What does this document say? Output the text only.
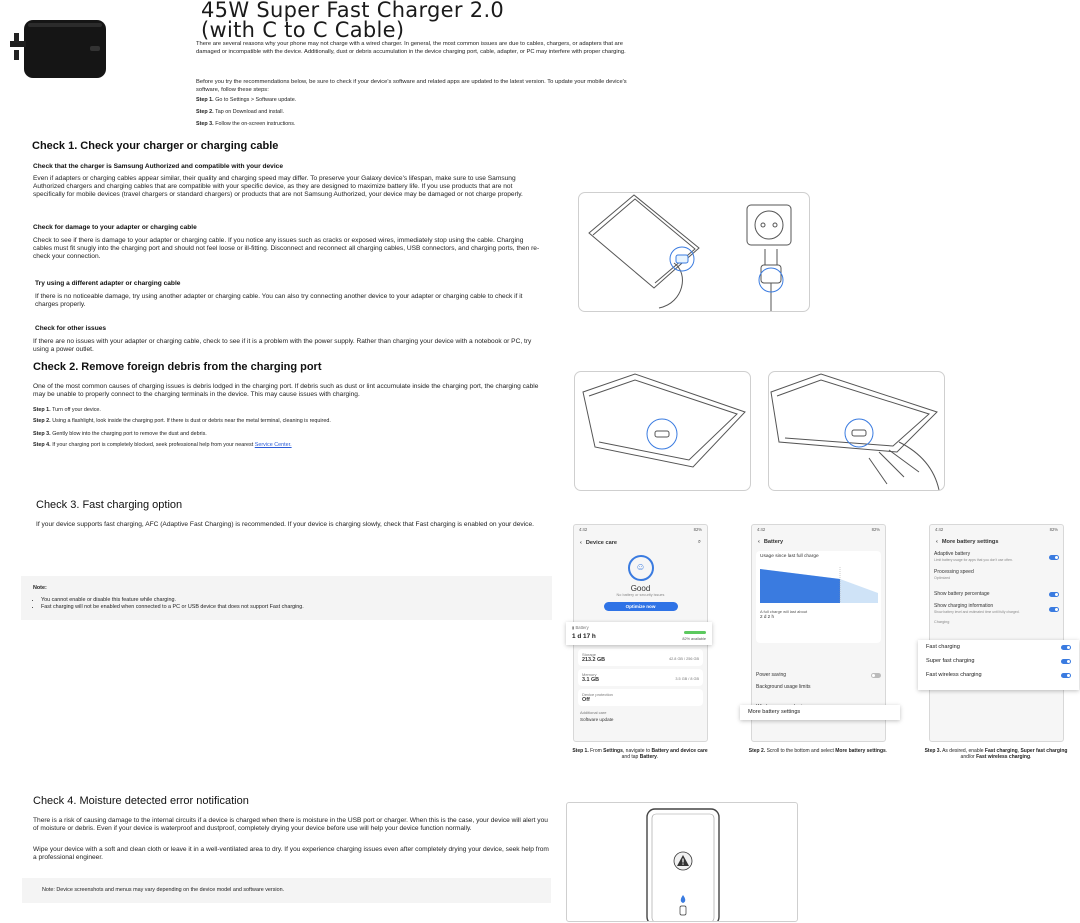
45W Super Fast Charger 2.0
(with C to C Cable)

There are several reasons why your phone may not charge with a wired charger. In general, the most common issues are due to cables, chargers, or adapters that are damaged or incompatible with the device. Additionally, dust or debris accumulation in the device charging port, cable, adapter, or PC may interfere with proper charging.

Before you try the recommendations below, be sure to check if your device's software and related apps are updated to the latest version. To update your mobile device's software, follow these steps:

Step 1. Go to Settings > Software update.
Step 2. Tap on Download and install.
Step 3. Follow the on-screen instructions.
Check 1. Check your charger or charging cable
Check that the charger is Samsung Authorized and compatible with your device

Even if adapters or charging cables appear similar, their quality and charging speed may differ. To preserve your Galaxy device's lifespan, make sure to use Samsung Authorized chargers and charging cables that are compatible with your specific device, as they are designed to maximize battery life. If you use products that are not specifically for mobile devices (travel chargers or standard chargers) or products that are not Samsung Authorized, your device may be damaged or not charge properly.

Check for damage to your adapter or charging cable

Check to see if there is damage to your adapter or charging cable. If you notice any issues such as cracks or exposed wires, immediately stop using the cable. Charging cables must fit snugly into the charging port and should not feel loose or ill-fitting. Disconnect and reconnect all charging cables, USB connectors, and charging ports, then re-check your connection.

Try using a different adapter or charging cable

If there is no noticeable damage, try using another adapter or charging cable. You can also try connecting another device to your adapter or charging cable to check if it charges properly.

Check for other issues

If there are no issues with your adapter or charging cable, check to see if it is a problem with the power supply. Rather than charging your device with a notebook or PC, try using a power outlet.

Check 2. Remove foreign debris from the charging port

One of the most common causes of charging issues is debris lodged in the charging port. If debris such as dust or lint accumulate inside the charging port, the charging cable may be unable to properly connect to the charging terminals in the device. This may cause issues with charging.

Step 1. Turn off your device.
Step 2. Using a flashlight, look inside the charging port. If there is dust or debris near the metal terminal, cleaning is required.
Step 3. Gently blow into the charging port to remove the dust and debris.
Step 4. If your charging port is completely blocked, seek professional help from your nearest Service Center.
Check 3. Fast charging option

If your device supports fast charging, AFC (Adaptive Fast Charging) is recommended. If your device is charging slowly, check that Fast charging is enabled on your device.

Note:
• You cannot enable or disable this feature while charging.
• Fast charging will not be enabled when connected to a PC or USB device that does not support Fast charging.
4:42	82%
‹ Device care	⌕
☺
Good
No battery or security issues
Optimize now
Storage
213.2 GB	42.8 GB / 256 GB
Memory
3.1 GB	3.5 GB / 8 GB
Device protection
Off
Additional care
Software update
▮ Battery
1 d 17 h	82% available
4:42	82%
‹ Battery
Usage since last full charge
A full charge will last about
2 d 2 h
Power saving
Background usage limits
More battery settings
4:42	82%
‹ More battery settings
Adaptive battery
Limit battery usage for apps that you don't use often.
Processing speed
Optimized
Show battery percentage
Show charging information
Show battery level and estimated time until fully charged.
Charging

Fast charging
Super fast charging
Fast wireless charging
Step 1. From Settings, navigate to Battery and device care and tap Battery.
Step 2. Scroll to the bottom and select More battery settings.	Step 3. As desired, enable Fast charging, Super fast charging and/or Fast wireless charging.
Check 4. Moisture detected error notification

There is a risk of causing damage to the internal circuits if a device is charged when there is moisture in the USB port or charger. When this is the case, your device will alert you of moisture or debris. Even if your device is waterproof and dustproof, completely drying your device before use will help your device function normally.

Wipe your device with a soft and clean cloth or leave it in a well-ventilated area to dry. If you experience charging issues even after completely drying your device, seek help from a professional engineer.

Note: Device screenshots and menus may vary depending on the device model and software version.
